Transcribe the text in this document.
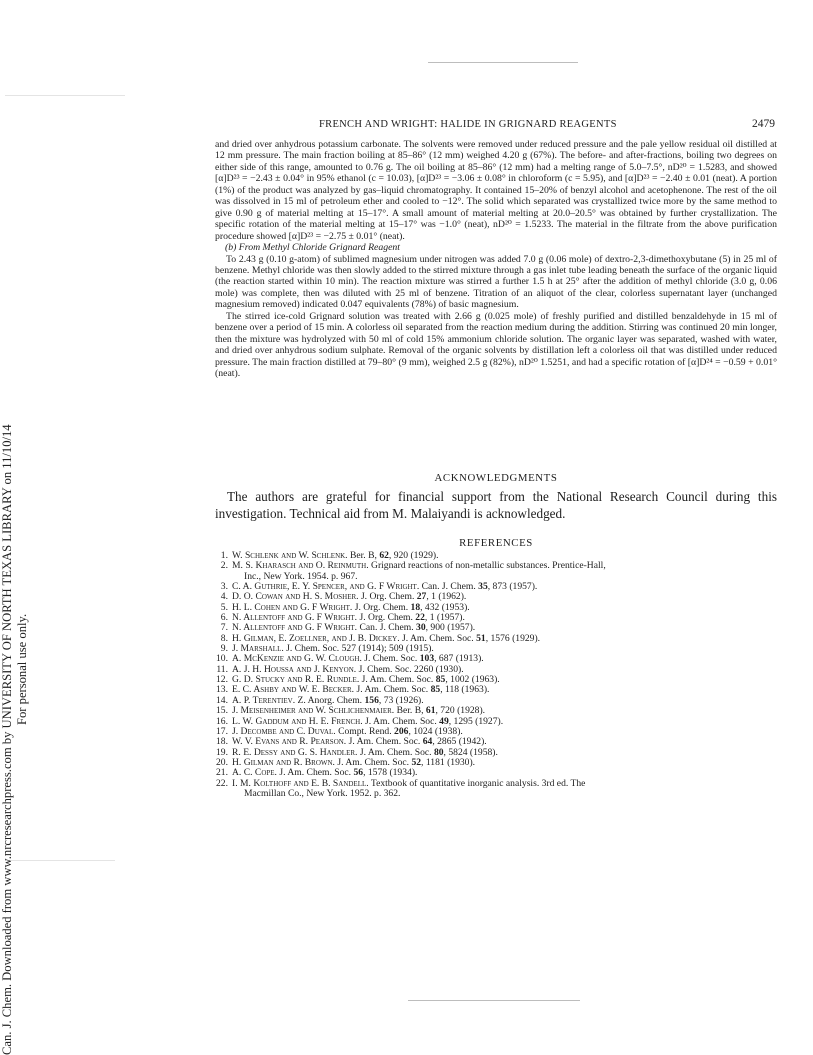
Can. J. Chem. Downloaded from www.nrcresearchpress.com by UNIVERSITY OF NORTH TEXAS LIBRARY on 11/10/14 For personal use only.
FRENCH AND WRIGHT: HALIDE IN GRIGNARD REAGENTS	2479

and dried over anhydrous potassium carbonate. The solvents were removed under reduced pressure and the pale yellow residual oil distilled at 12 mm pressure. The main fraction boiling at 85–86° (12 mm) weighed 4.20 g (67%). The before- and after-fractions, boiling two degrees on either side of this range, amounted to 0.76 g. The oil boiling at 85–86° (12 mm) had a melting range of 5.0–7.5°, nD²⁰ = 1.5283, and showed [α]D²³ = −2.43 ± 0.04° in 95% ethanol (c = 10.03), [α]D²³ = −3.06 ± 0.08° in chloroform (c = 5.95), and [α]D²³ = −2.40 ± 0.01 (neat). A portion (1%) of the product was analyzed by gas–liquid chromatography. It contained 15–20% of benzyl alcohol and acetophenone. The rest of the oil was dissolved in 15 ml of petroleum ether and cooled to −12°. The solid which separated was crystallized twice more by the same method to give 0.90 g of material melting at 15–17°. A small amount of material melting at 20.0–20.5° was obtained by further crystallization. The specific rotation of the material melting at 15–17° was −1.0° (neat), nD²⁰ = 1.5233. The material in the filtrate from the above purification procedure showed [α]D²³ = −2.75 ± 0.01° (neat).

(b) From Methyl Chloride Grignard Reagent

To 2.43 g (0.10 g-atom) of sublimed magnesium under nitrogen was added 7.0 g (0.06 mole) of dextro-2,3-dimethoxybutane (5) in 25 ml of benzene. Methyl chloride was then slowly added to the stirred mixture through a gas inlet tube leading beneath the surface of the organic liquid (the reaction started within 10 min). The reaction mixture was stirred a further 1.5 h at 25° after the addition of methyl chloride (3.0 g, 0.06 mole) was complete, then was diluted with 25 ml of benzene. Titration of an aliquot of the clear, colorless supernatant layer (unchanged magnesium removed) indicated 0.047 equivalents (78%) of basic magnesium.

The stirred ice-cold Grignard solution was treated with 2.66 g (0.025 mole) of freshly purified and distilled benzaldehyde in 15 ml of benzene over a period of 15 min. A colorless oil separated from the reaction medium during the addition. Stirring was continued 20 min longer, then the mixture was hydrolyzed with 50 ml of cold 15% ammonium chloride solution. The organic layer was separated, washed with water, and dried over anhydrous sodium sulphate. Removal of the organic solvents by distillation left a colorless oil that was distilled under reduced pressure. The main fraction distilled at 79–80° (9 mm), weighed 2.5 g (82%), nD²⁰ 1.5251, and had a specific rotation of [α]D²⁴ = −0.59 + 0.01° (neat).

ACKNOWLEDGMENTS

The authors are grateful for financial support from the National Research Council during this investigation. Technical aid from M. Malaiyandi is acknowledged.

REFERENCES
1. W. Schlenk and W. Schlenk. Ber. B, 62, 920 (1929).
2. M. S. Kharasch and O. Reinmuth. Grignard reactions of non-metallic substances. Prentice-Hall,
Inc., New York. 1954. p. 967.
3. C. A. Guthrie, E. Y. Spencer, and G. F Wright. Can. J. Chem. 35, 873 (1957).
4. D. O. Cowan and H. S. Mosher. J. Org. Chem. 27, 1 (1962).
5. H. L. Cohen and G. F Wright. J. Org. Chem. 18, 432 (1953).
6. N. Allentoff and G. F Wright. J. Org. Chem. 22, 1 (1957).
7. N. Allentoff and G. F Wright. Can. J. Chem. 30, 900 (1957).
8. H. Gilman, E. Zoellner, and J. B. Dickey. J. Am. Chem. Soc. 51, 1576 (1929).
9. J. Marshall. J. Chem. Soc. 527 (1914); 509 (1915).
10. A. McKenzie and G. W. Clough. J. Chem. Soc. 103, 687 (1913).
11. A. J. H. Houssa and J. Kenyon. J. Chem. Soc. 2260 (1930).
12. G. D. Stucky and R. E. Rundle. J. Am. Chem. Soc. 85, 1002 (1963).
13. E. C. Ashby and W. E. Becker. J. Am. Chem. Soc. 85, 118 (1963).
14. A. P. Terentiev. Z. Anorg. Chem. 156, 73 (1926).
15. J. Meisenheimer and W. Schlichenmaier. Ber. B, 61, 720 (1928).
16. L. W. Gaddum and H. E. French. J. Am. Chem. Soc. 49, 1295 (1927).
17. J. Decombe and C. Duval. Compt. Rend. 206, 1024 (1938).
18. W. V. Evans and R. Pearson. J. Am. Chem. Soc. 64, 2865 (1942).
19. R. E. Dessy and G. S. Handler. J. Am. Chem. Soc. 80, 5824 (1958).
20. H. Gilman and R. Brown. J. Am. Chem. Soc. 52, 1181 (1930).
21. A. C. Cope. J. Am. Chem. Soc. 56, 1578 (1934).
22. I. M. Kolthoff and E. B. Sandell. Textbook of quantitative inorganic analysis. 3rd ed. The
Macmillan Co., New York. 1952. p. 362.
